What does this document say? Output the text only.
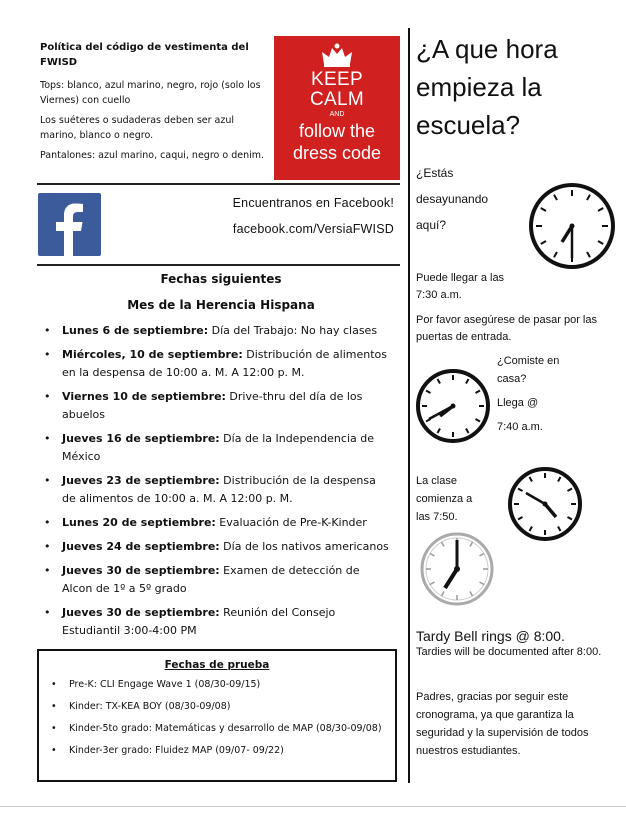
Política del código de vestimenta del FWISD
Tops: blanco, azul marino, negro, rojo (solo los Viernes) con cuello
Los suéteres o sudaderas deben ser azul marino, blanco o negro.
Pantalones: azul marino, caqui, negro o denim.
KEEP
CALM
AND
follow the
dress code
Encuentranos en Facebook!
facebook.com/VersiaFWISD
Fechas siguientes
Mes de la Herencia Hispana
• Lunes 6 de septiembre: Día del Trabajo: No hay clases
• Miércoles, 10 de septiembre: Distribución de alimentos en la despensa de 10:00 a. M. A 12:00 p. M.
• Viernes 10 de septiembre: Drive-thru del día de los abuelos
• Jueves 16 de septiembre: Día de la Independencia de México
• Jueves 23 de septiembre: Distribución de la despensa de alimentos de 10:00 a. M. A 12:00 p. M.
• Lunes 20 de septiembre: Evaluación de Pre-K-Kinder
• Jueves 24 de septiembre: Día de los nativos americanos
• Jueves 30 de septiembre: Examen de detección de Alcon de 1º a 5º grado
• Jueves 30 de septiembre: Reunión del Consejo Estudiantil 3:00-4:00 PM
Fechas de prueba
• Pre-K: CLI Engage Wave 1 (08/30-09/15)
• Kinder: TX-KEA BOY (08/30-09/08)
• Kinder-5to grado: Matemáticas y desarrollo de MAP (08/30-09/08)
• Kinder-3er grado: Fluidez MAP (09/07- 09/22)
¿A que hora empieza la escuela?
¿Estás
desayunando
aquí?
Puede llegar a las 7:30 a.m.
Por favor asegúrese de pasar por las puertas de entrada.
¿Comiste en
casa?
Llega @
7:40 a.m.
La clase
comienza a
las 7:50.
Tardy Bell rings @ 8:00.
Tardies will be documented after 8:00.
Padres, gracias por seguir este cronograma, ya que garantiza la seguridad y la supervisión de todos nuestros estudiantes.
